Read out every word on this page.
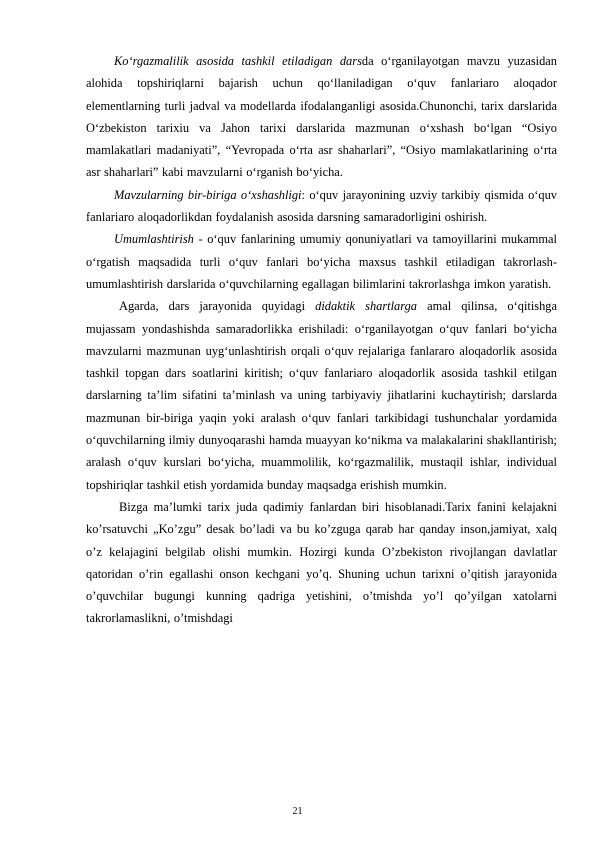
Ko‘rgazmalilik asosida tashkil etiladigan darsda o‘rganilayotgan mavzu yuzasidan alohida topshiriqlarni bajarish uchun qo‘llaniladigan o‘quv fanlariaro aloqador elementlarning turli jadval va modellarda ifodalanganligi asosida.Chunonchi, tarix darslarida O‘zbekiston tarixiu va Jahon tarixi darslarida mazmunan o‘xshash bo‘lgan “Osiyo mamlakatlari madaniyati”, “Yevropada o‘rta asr shaharlari”, “Osiyo mamlakatlarining o‘rta asr shaharlari” kabi mavzularni o‘rganish bo‘yicha.

Mavzularning bir-biriga o‘xshashligi: o‘quv jarayonining uzviy tarkibiy qismida o‘quv fanlariaro aloqadorlikdan foydalanish asosida darsning samaradorligini oshirish.

Umumlashtirish - o‘quv fanlarining umumiy qonuniyatlari va tamoyillarini mukammal o‘rgatish maqsadida turli o‘quv fanlari bo‘yicha maxsus tashkil etiladigan takrorlash-umumlashtirish darslarida o‘quvchilarning egallagan bilimlarini takrorlashga imkon yaratish.

Agarda, dars jarayonida quyidagi didaktik shartlarga amal qilinsa, o‘qitishga mujassam yondashishda samaradorlikka erishiladi: o‘rganilayotgan o‘quv fanlari bo‘yicha mavzularni mazmunan uyg‘unlashtirish orqali o‘quv rejalariga fanlararo aloqadorlik asosida tashkil topgan dars soatlarini kiritish; o‘quv fanlariaro aloqadorlik asosida tashkil etilgan darslarning ta’lim sifatini ta’minlash va uning tarbiyaviy jihatlarini kuchaytirish; darslarda mazmunan bir-biriga yaqin yoki aralash o‘quv fanlari tarkibidagi tushunchalar yordamida o‘quvchilarning ilmiy dunyoqarashi hamda muayyan ko‘nikma va malakalarini shakllantirish; aralash o‘quv kurslari bo‘yicha, muammolilik, ko‘rgazmalilik, mustaqil ishlar, individual topshiriqlar tashkil etish yordamida bunday maqsadga erishish mumkin.

Bizga ma’lumki tarix juda qadimiy fanlardan biri hisoblanadi.Tarix fanini kelajakni ko’rsatuvchi „Ko’zgu” desak bo’ladi va bu ko’zguga qarab har qanday inson,jamiyat, xalq o’z kelajagini belgilab olishi mumkin. Hozirgi kunda O’zbekiston rivojlangan davlatlar qatoridan o’rin egallashi onson kechgani yo’q. Shuning uchun tarixni o’qitish jarayonida o’quvchilar bugungi kunning qadriga yetishini, o’tmishda yo’l qo’yilgan xatolarni takrorlamaslikni, o’tmishdagi

21
